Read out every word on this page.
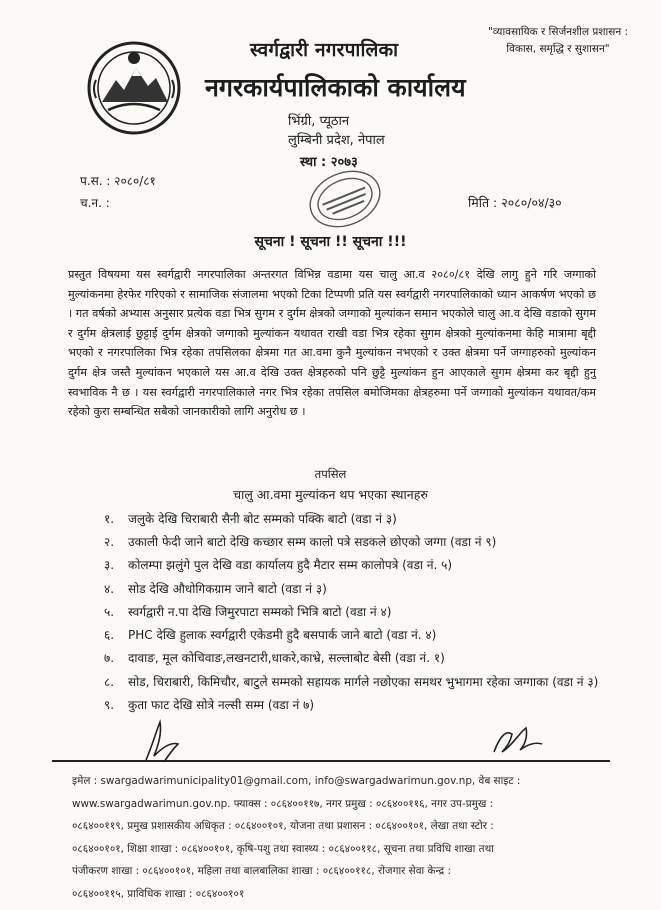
"व्यावसायिक र सिर्जनशील प्रशासन :
विकास, समृद्धि र सुशासन"
स्वर्गद्वारी नगरपालिका
नगरकार्यपालिकाको कार्यालय
भिंग्री, प्यूठान
लुम्बिनी प्रदेश, नेपाल
स्था : २०७३
प.स. : २०८०/८१
च.न. :	मिति : २०८०/०४/३०
सूचना ! सूचना !! सूचना !!!
प्रस्तुत विषयमा यस स्वर्गद्वारी नगरपालिका अन्तरगत विभिन्न वडामा यस चालु आ.व २०८०/८१ देखि लागु हुने गरि जग्गाको मुल्यांकनमा हेरफेर गरिएको र सामाजिक संजालमा भएको टिका टिप्पणी प्रति यस स्वर्गद्वारी नगरपालिकाको ध्यान आकर्षण भएको छ । गत वर्षको अभ्यास अनुसार प्रत्येक वडा भित्र सुगम र दुर्गम क्षेत्रको जग्गाको मुल्यांकन समान भएकोले चालु आ.व देखि वडाको सुगम र दुर्गम क्षेत्रलाई छुट्टाई दुर्गम क्षेत्रको जग्गाको मुल्यांकन यथावत राखी वडा भित्र रहेका सुगम क्षेत्रको मुल्यांकनमा केहि मात्रामा बृद्दी भएको र नगरपालिका भित्र रहेका तपसिलका क्षेत्रमा गत आ.वमा कुनै मुल्यांकन नभएको र उक्त क्षेत्रमा पर्ने जग्गाहरुको मुल्यांकन दुर्गम क्षेत्र जस्तै मुल्यांकन भएकाले यस आ.व देखि उक्त क्षेत्रहरुको पनि छुट्टै मुल्यांकन हुन आएकाले सुगम क्षेत्रमा कर बृद्दी हुनु स्वभाविक नै छ । यस स्वर्गद्वारी नगरपालिकाले नगर भित्र रहेका तपसिल बमोजिमका क्षेत्रहरुमा पर्ने जग्गाको मुल्यांकन यथावत/कम रहेको कुरा सम्बन्धित सबैको जानकारीको लागि अनुरोध छ ।
तपसिल
चालु आ.वमा मुल्यांकन थप भएका स्थानहरु
१.	जलुके देखि चिराबारी सैनी बोट सम्मको पक्कि बाटो (वडा नं ३)
२.	उकाली फेदी जाने बाटो देखि कच्छार सम्म कालो पत्रे सडकले छोएको जग्गा (वडा नं ९)
३.	कोलम्पा झलुंगे पुल देखि वडा कार्यालय हुदै मैटार सम्म कालोपत्रे (वडा नं. ५)
४.	सोड देखि औधोगिकग्राम जाने बाटो (वडा नं ३)
५.	स्वर्गद्वारी न.पा देखि जिमुरपाटा सम्मको भित्रि बाटो (वडा नं ४)
६.	PHC देखि हुलाक स्वर्गद्वारी एकेडमी हुदै बसपार्क जाने बाटो (वडा नं. ४)
७.	दावाङ, मूल कोचिवाङ,लखनटारी,धाकरे,काभ्रे, सल्लाबोट बेसी (वडा नं. १)
८.	सोड, चिराबारी, किमिचौर, बाटुले सम्मको सहायक मार्गले नछोएका समथर भुभागमा रहेका जग्गाका (वडा नं ३)
९.	कुता फाट देखि सोत्रे नल्सी सम्म (वडा नं ७)
इमेल : swargadwarimunicipality01@gmail.com, info@swargadwarimun.gov.np, वेब साइट :
www.swargadwarimun.gov.np. फ्याक्स : ०८६४००११७, नगर प्रमुख : ०८६४००११६, नगर उप-प्रमुख :
०८६४००११९, प्रमुख प्रशासकीय अधिकृत : ०८६४००१०१, योजना तथा प्रशासन : ०८६४००१०१, लेखा तथा स्टोर :
०८६४००१०१, शिक्षा शाखा : ०८६४००१०१, कृषि-पशु तथा स्वास्थ्य : ०८६४००११८, सूचना तथा प्रविधि शाखा तथा
पंजीकरण शाखा : ०८६४००१०१, महिला तथा बालबालिका शाखा : ०८६४००११८, रोजगार सेवा केन्द्र :
०८६४००११५, प्राविधिक शाखा : ०८६४००१०१
